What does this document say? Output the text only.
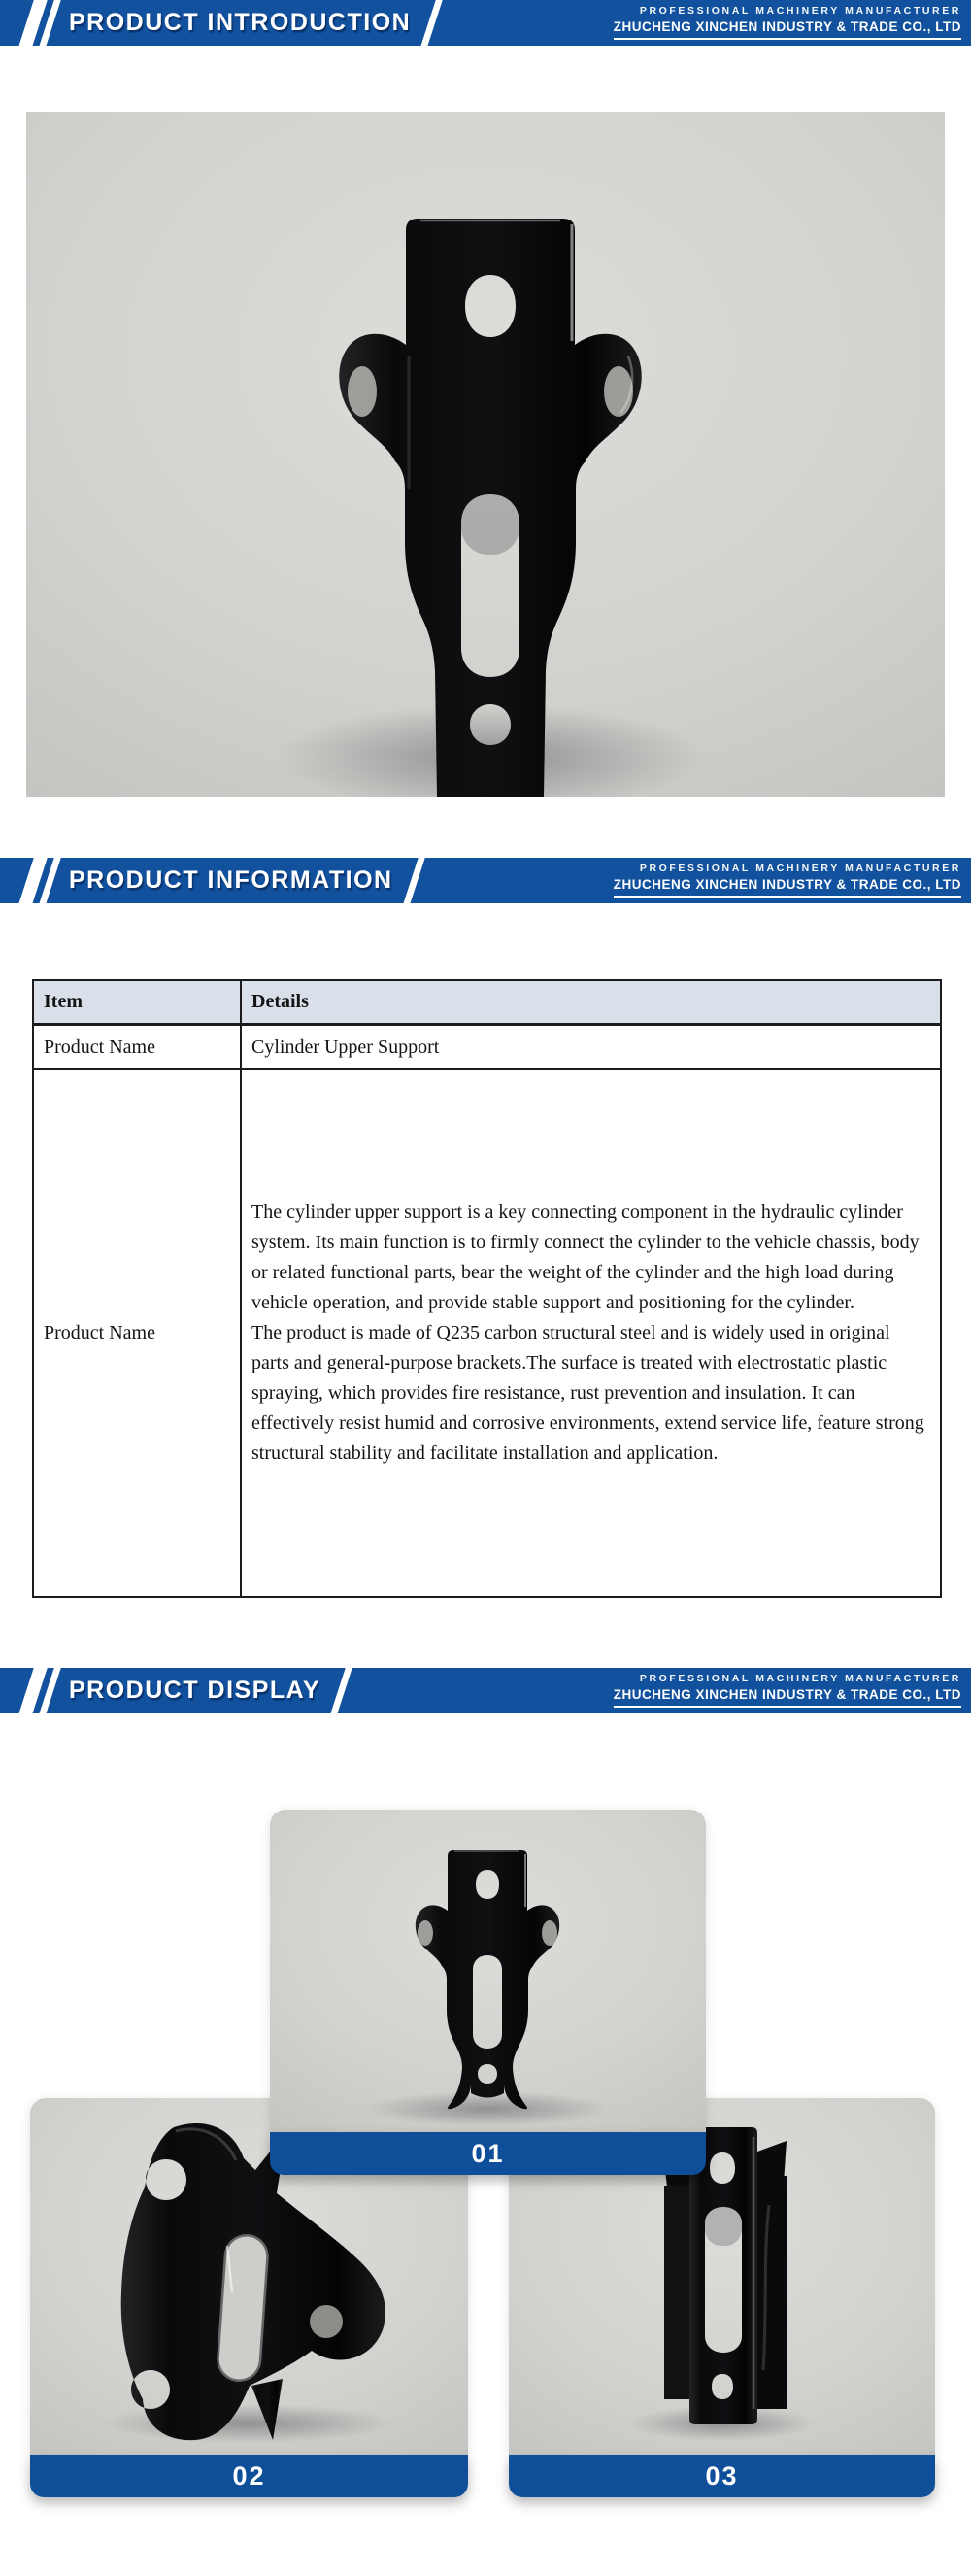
PRODUCT INTRODUCTION	PROFESSIONAL MACHINERY MANUFACTURER
ZHUCHENG XINCHEN INDUSTRY & TRADE CO., LTD
PRODUCT INFORMATION	PROFESSIONAL MACHINERY MANUFACTURER
ZHUCHENG XINCHEN INDUSTRY & TRADE CO., LTD
Item	Details
Product Name	Cylinder Upper Support
Product Name	The cylinder upper support is a key connecting component in the hydraulic cylinder system. Its main function is to firmly connect the cylinder to the vehicle chassis, body or related functional parts, bear the weight of the cylinder and the high load during vehicle operation, and provide stable support and positioning for the cylinder.

The product is made of Q235 carbon structural steel and is widely used in original parts and general-purpose brackets.The surface is treated with electrostatic plastic spraying, which provides fire resistance, rust prevention and insulation. It can effectively resist humid and corrosive environments, extend service life, feature strong structural stability and facilitate installation and application.

PRODUCT DISPLAY	PROFESSIONAL MACHINERY MANUFACTURER
ZHUCHENG XINCHEN INDUSTRY & TRADE CO., LTD
01
02	03
